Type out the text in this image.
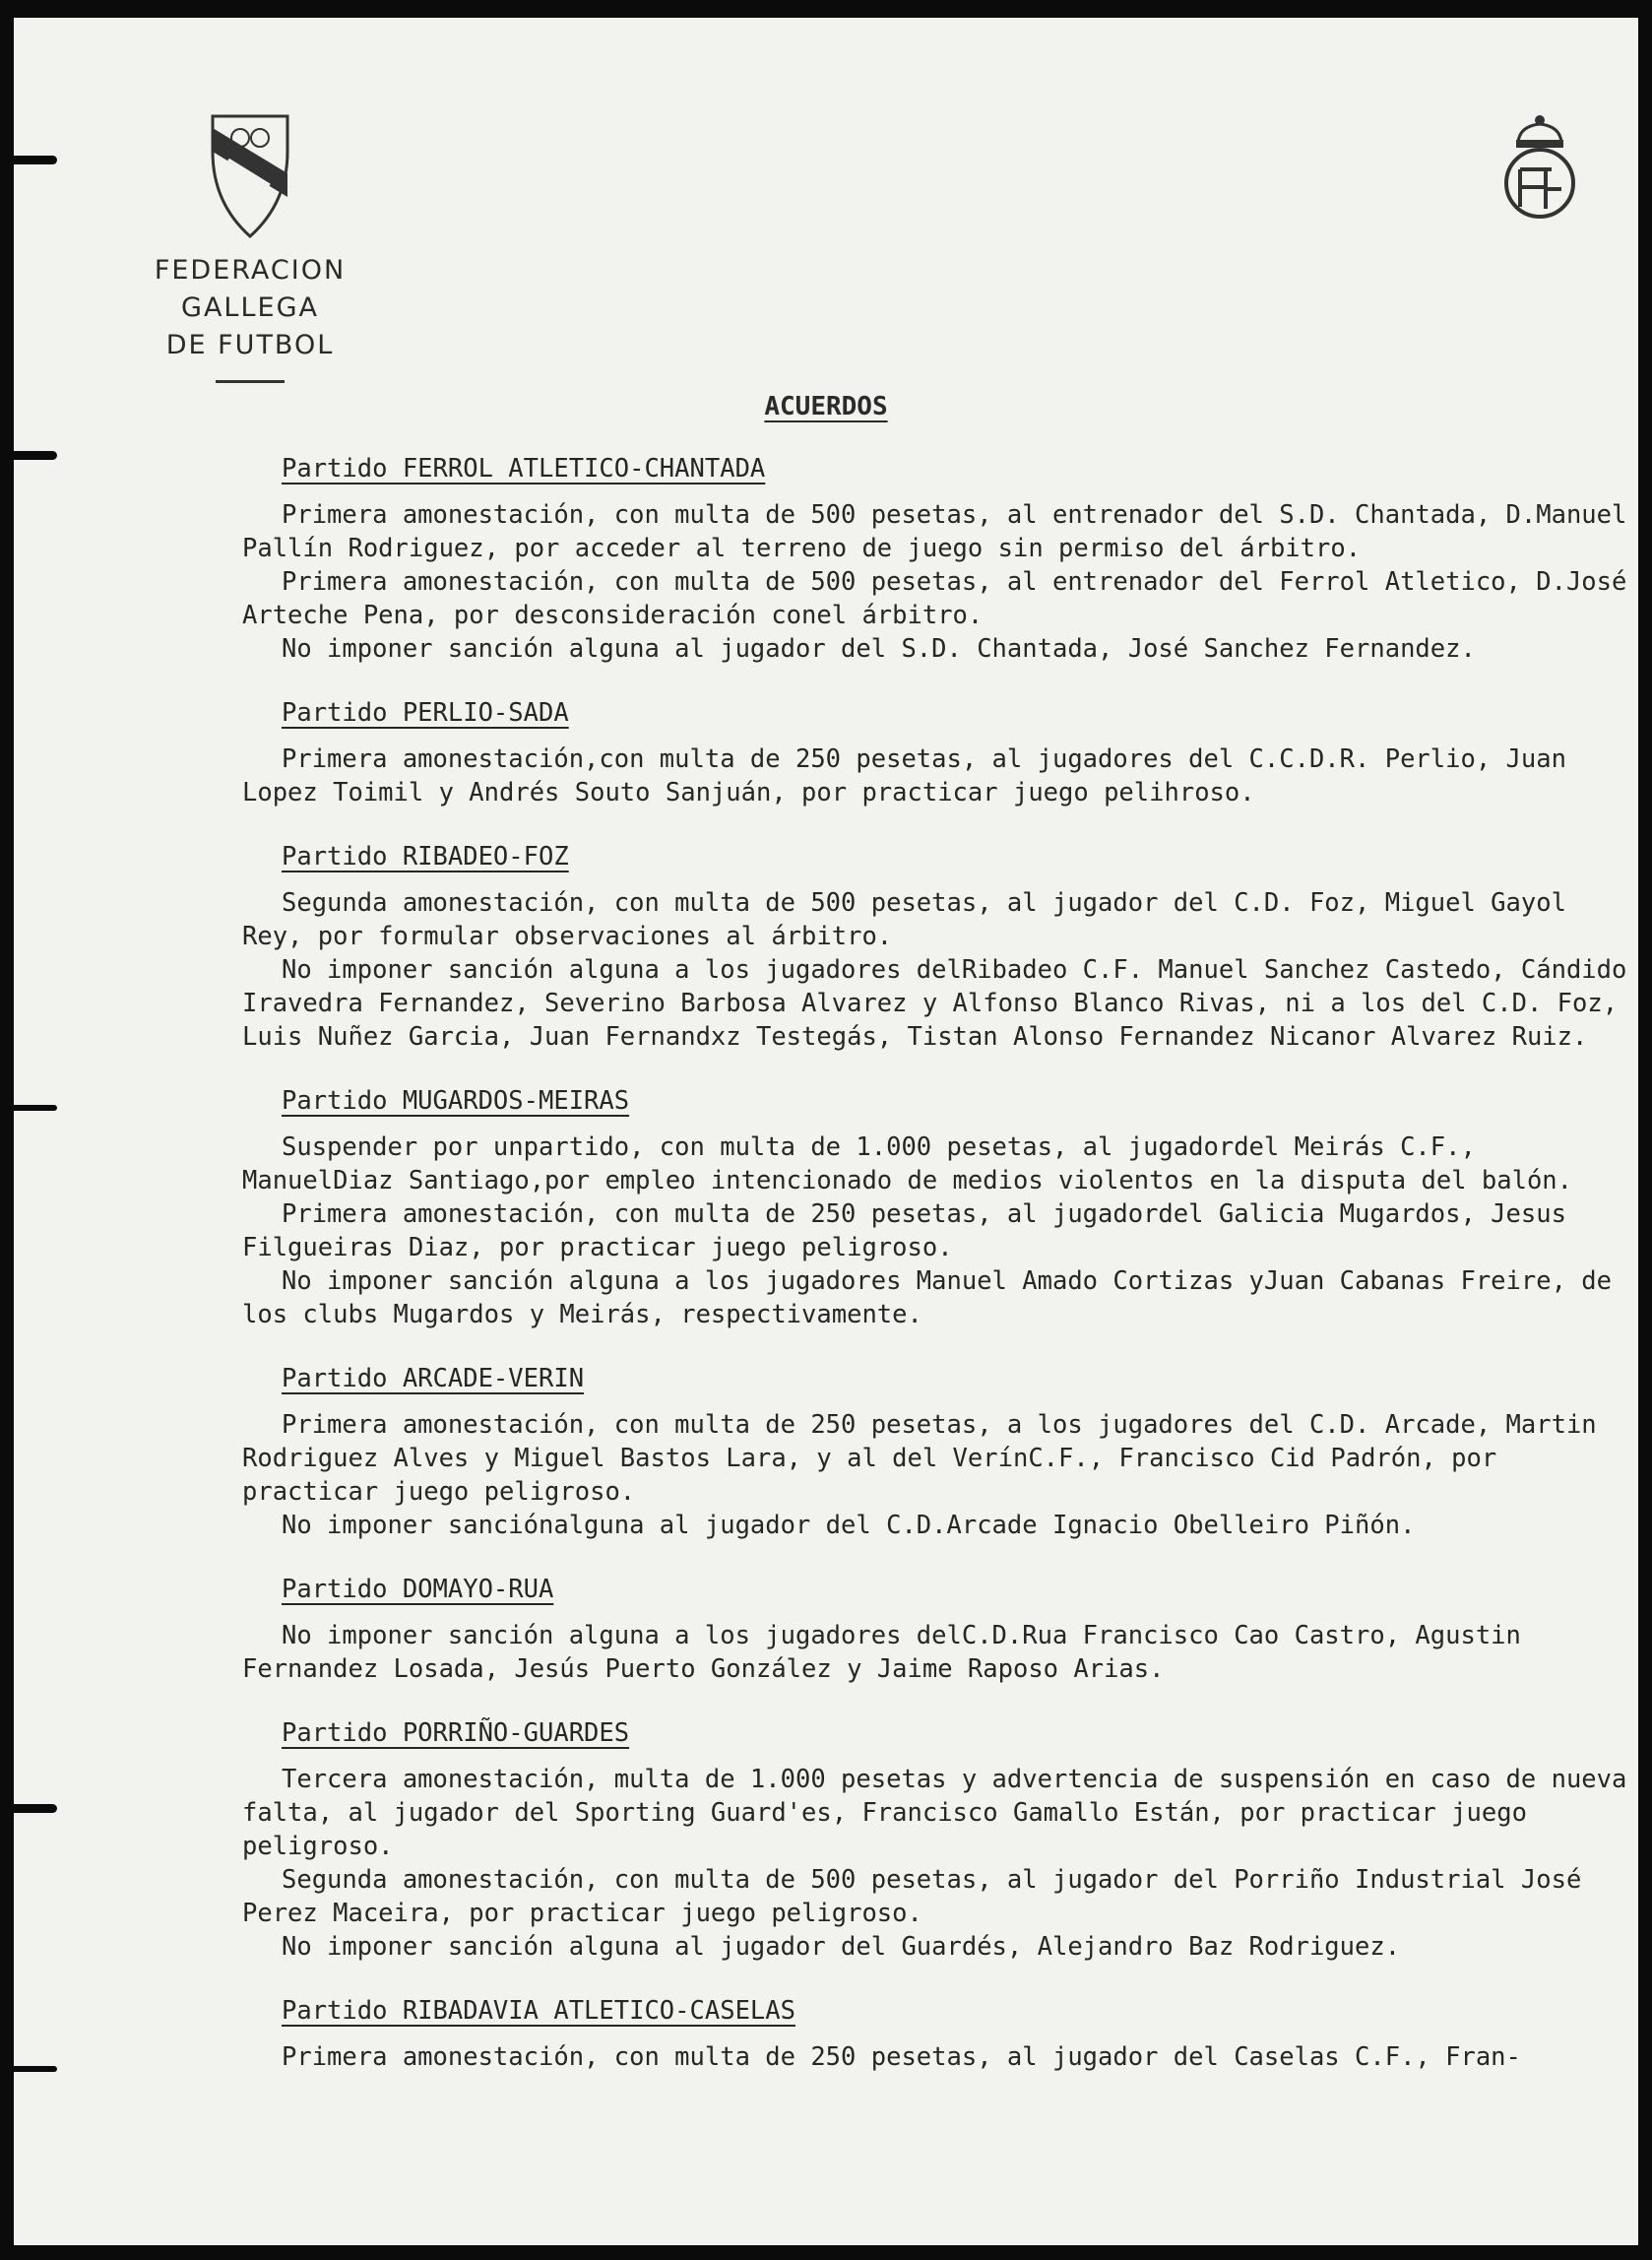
FEDERACION GALLEGA
DE FUTBOL
ACUERDOS
Partido FERROL ATLETICO-CHANTADA

Primera amonestación, con multa de 500 pesetas, al entrenador del S.D. Chantada, D.Manuel Pallín Rodriguez, por acceder al terreno de juego sin permiso del árbitro.

Primera amonestación, con multa de 500 pesetas, al entrenador del Ferrol Atletico, D.José Arteche Pena, por desconsideración conel árbitro.

No imponer sanción alguna al jugador del S.D. Chantada, José Sanchez Fernandez.

Partido PERLIO-SADA

Primera amonestación,con multa de 250 pesetas, al jugadores del C.C.D.R. Perlio, Juan Lopez Toimil y Andrés Souto Sanjuán, por practicar juego pelihroso.

Partido RIBADEO-FOZ

Segunda amonestación, con multa de 500 pesetas, al jugador del C.D. Foz, Miguel Gayol Rey, por formular observaciones al árbitro.

No imponer sanción alguna a los jugadores delRibadeo C.F. Manuel Sanchez Castedo, Cándido Iravedra Fernandez, Severino Barbosa Alvarez y Alfonso Blanco Rivas, ni a los del C.D. Foz, Luis Nuñez Garcia, Juan Fernandxz Testegás, Tistan Alonso Fernandez Nicanor Alvarez Ruiz.

Partido MUGARDOS-MEIRAS

Suspender por unpartido, con multa de 1.000 pesetas, al jugadordel Meirás C.F., ManuelDiaz Santiago,por empleo intencionado de medios violentos en la disputa del balón.

Primera amonestación, con multa de 250 pesetas, al jugadordel Galicia Mugardos, Jesus Filgueiras Diaz, por practicar juego peligroso.

No imponer sanción alguna a los jugadores Manuel Amado Cortizas yJuan Cabanas Freire, de los clubs Mugardos y Meirás, respectivamente.

Partido ARCADE-VERIN

Primera amonestación, con multa de 250 pesetas, a los jugadores del C.D. Arcade, Martin Rodriguez Alves y Miguel Bastos Lara, y al del VerínC.F., Francisco Cid Padrón, por practicar juego peligroso.

No imponer sanciónalguna al jugador del C.D.Arcade Ignacio Obelleiro Piñón.

Partido DOMAYO-RUA

No imponer sanción alguna a los jugadores delC.D.Rua Francisco Cao Castro, Agustin Fernandez Losada, Jesús Puerto González y Jaime Raposo Arias.

Partido PORRIÑO-GUARDES

Tercera amonestación, multa de 1.000 pesetas y advertencia de suspensión en caso de nueva falta, al jugador del Sporting Guard'es, Francisco Gamallo Están, por practicar juego peligroso.

Segunda amonestación, con multa de 500 pesetas, al jugador del Porriño Industrial José Perez Maceira, por practicar juego peligroso.

No imponer sanción alguna al jugador del Guardés, Alejandro Baz Rodriguez.

Partido RIBADAVIA ATLETICO-CASELAS

Primera amonestación, con multa de 250 pesetas, al jugador del Caselas C.F., Fran-
